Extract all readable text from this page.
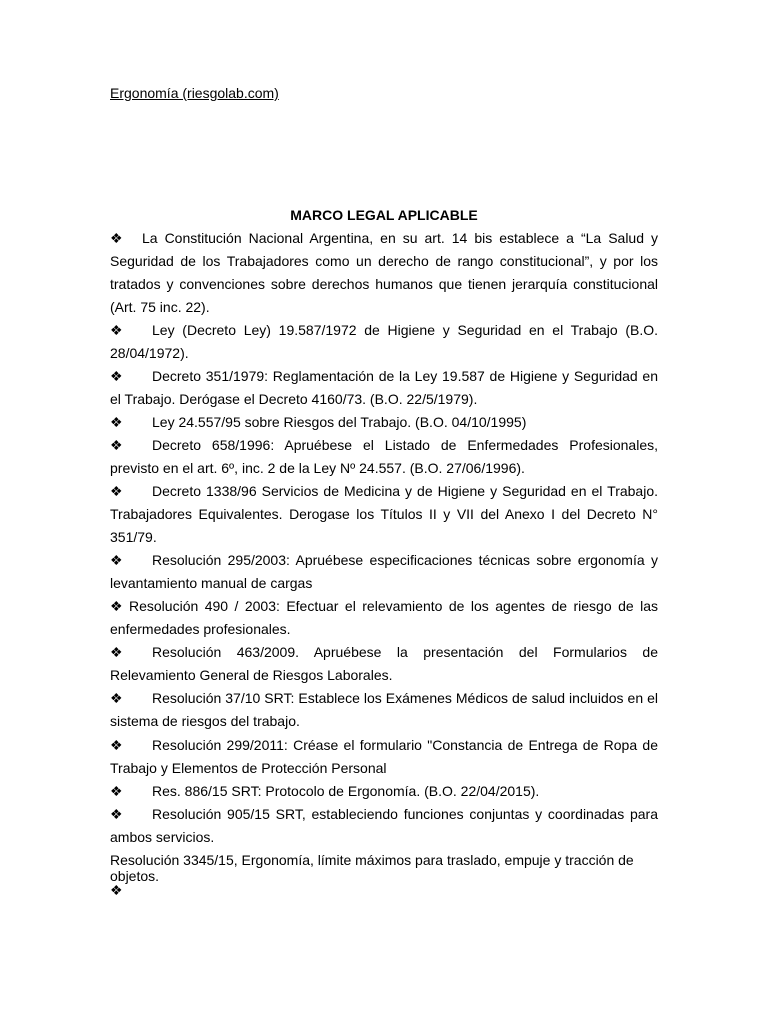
Ergonomía (riesgolab.com)
MARCO LEGAL APLICABLE
❖ La Constitución Nacional Argentina, en su art. 14 bis establece a “La Salud y Seguridad de los Trabajadores como un derecho de rango constitucional”, y por los tratados y convenciones sobre derechos humanos que tienen jerarquía constitucional (Art. 75 inc. 22).
❖ Ley (Decreto Ley) 19.587/1972 de Higiene y Seguridad en el Trabajo (B.O. 28/04/1972).
❖ Decreto 351/1979: Reglamentación de la Ley 19.587 de Higiene y Seguridad en el Trabajo. Derógase el Decreto 4160/73. (B.O. 22/5/1979).
❖ Ley 24.557/95 sobre Riesgos del Trabajo. (B.O. 04/10/1995)
❖ Decreto 658/1996: Apruébese el Listado de Enfermedades Profesionales, previsto en el art. 6º, inc. 2 de la Ley Nº 24.557. (B.O. 27/06/1996).
❖ Decreto 1338/96 Servicios de Medicina y de Higiene y Seguridad en el Trabajo. Trabajadores Equivalentes. Derogase los Títulos II y VII del Anexo I del Decreto N° 351/79.
❖ Resolución 295/2003: Apruébese especificaciones técnicas sobre ergonomía y levantamiento manual de cargas
❖ Resolución 490 / 2003: Efectuar el relevamiento de los agentes de riesgo de las enfermedades profesionales.
❖ Resolución 463/2009. Apruébese la presentación del Formularios de Relevamiento General de Riesgos Laborales.
❖ Resolución 37/10 SRT: Establece los Exámenes Médicos de salud incluidos en el sistema de riesgos del trabajo.
❖ Resolución 299/2011: Créase el formulario "Constancia de Entrega de Ropa de Trabajo y Elementos de Protección Personal
❖ Res. 886/15 SRT: Protocolo de Ergonomía. (B.O. 22/04/2015).
❖ Resolución 905/15 SRT, estableciendo funciones conjuntas y coordinadas para ambos servicios.
Resolución 3345/15, Ergonomía, límite máximos para traslado, empuje y tracción de objetos.
❖
